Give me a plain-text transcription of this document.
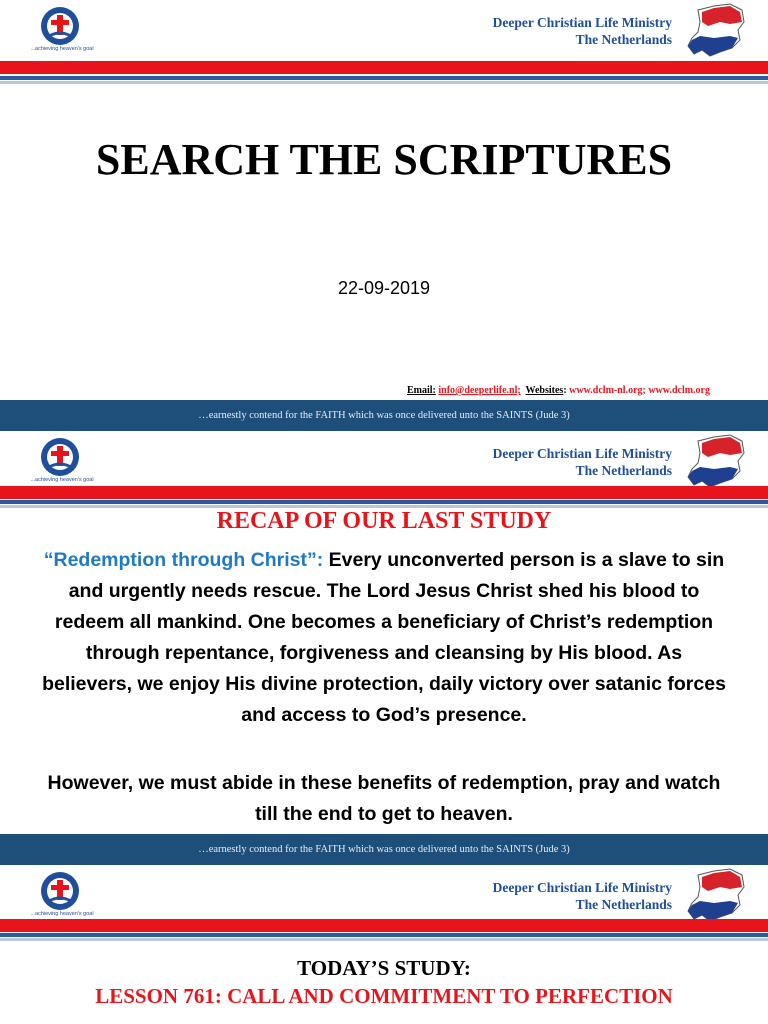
...achieving heaven's goal
Deeper Christian Life Ministry
The Netherlands
SEARCH THE SCRIPTURES
22-09-2019
Email: info@deeperlife.nl; Websites: www.dclm-nl.org; www.dclm.org
…earnestly contend for the FAITH which was once delivered unto the SAINTS (Jude 3)
...achieving heaven's goal
Deeper Christian Life Ministry
The Netherlands
RECAP OF OUR LAST STUDY
“Redemption through Christ”: Every unconverted person is a slave to sin and urgently needs rescue. The Lord Jesus Christ shed his blood to redeem all mankind. One becomes a beneficiary of Christ’s redemption through repentance, forgiveness and cleansing by His blood. As believers, we enjoy His divine protection, daily victory over satanic forces and access to God’s presence.
However, we must abide in these benefits of redemption, pray and watch till the end to get to heaven.
…earnestly contend for the FAITH which was once delivered unto the SAINTS (Jude 3)
...achieving heaven's goal
Deeper Christian Life Ministry
The Netherlands
TODAY’S STUDY:
LESSON 761: CALL AND COMMITMENT TO PERFECTION
